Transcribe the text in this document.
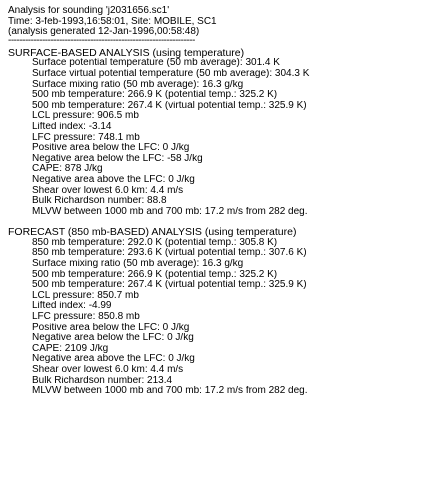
Analysis for sounding 'j2031656.sc1'
Time: 3-feb-1993,16:58:01, Site: MOBILE, SC1
(analysis generated 12-Jan-1996,00:58:48)
------------------------------------------------------------------
SURFACE-BASED ANALYSIS (using temperature)
Surface potential temperature (50 mb average): 301.4 K
Surface virtual potential temperature (50 mb average): 304.3 K
Surface mixing ratio (50 mb average): 16.3 g/kg
500 mb temperature: 266.9 K (potential temp.: 325.2 K)
500 mb temperature: 267.4 K (virtual potential temp.: 325.9 K)
LCL pressure: 906.5 mb
Lifted index: -3.14
LFC pressure: 748.1 mb
Positive area below the LFC: 0 J/kg
Negative area below the LFC: -58 J/kg
CAPE: 878 J/kg
Negative area above the LFC: 0 J/kg
Shear over lowest 6.0 km: 4.4 m/s
Bulk Richardson number: 88.8
MLVW between 1000 mb and 700 mb: 17.2 m/s from 282 deg.
FORECAST (850 mb-BASED) ANALYSIS (using temperature)
850 mb temperature: 292.0 K (potential temp.: 305.8 K)
850 mb temperature: 293.6 K (virtual potential temp.: 307.6 K)
Surface mixing ratio (50 mb average): 16.3 g/kg
500 mb temperature: 266.9 K (potential temp.: 325.2 K)
500 mb temperature: 267.4 K (virtual potential temp.: 325.9 K)
LCL pressure: 850.7 mb
Lifted index: -4.99
LFC pressure: 850.8 mb
Positive area below the LFC: 0 J/kg
Negative area below the LFC: 0 J/kg
CAPE: 2109 J/kg
Negative area above the LFC: 0 J/kg
Shear over lowest 6.0 km: 4.4 m/s
Bulk Richardson number: 213.4
MLVW between 1000 mb and 700 mb: 17.2 m/s from 282 deg.
